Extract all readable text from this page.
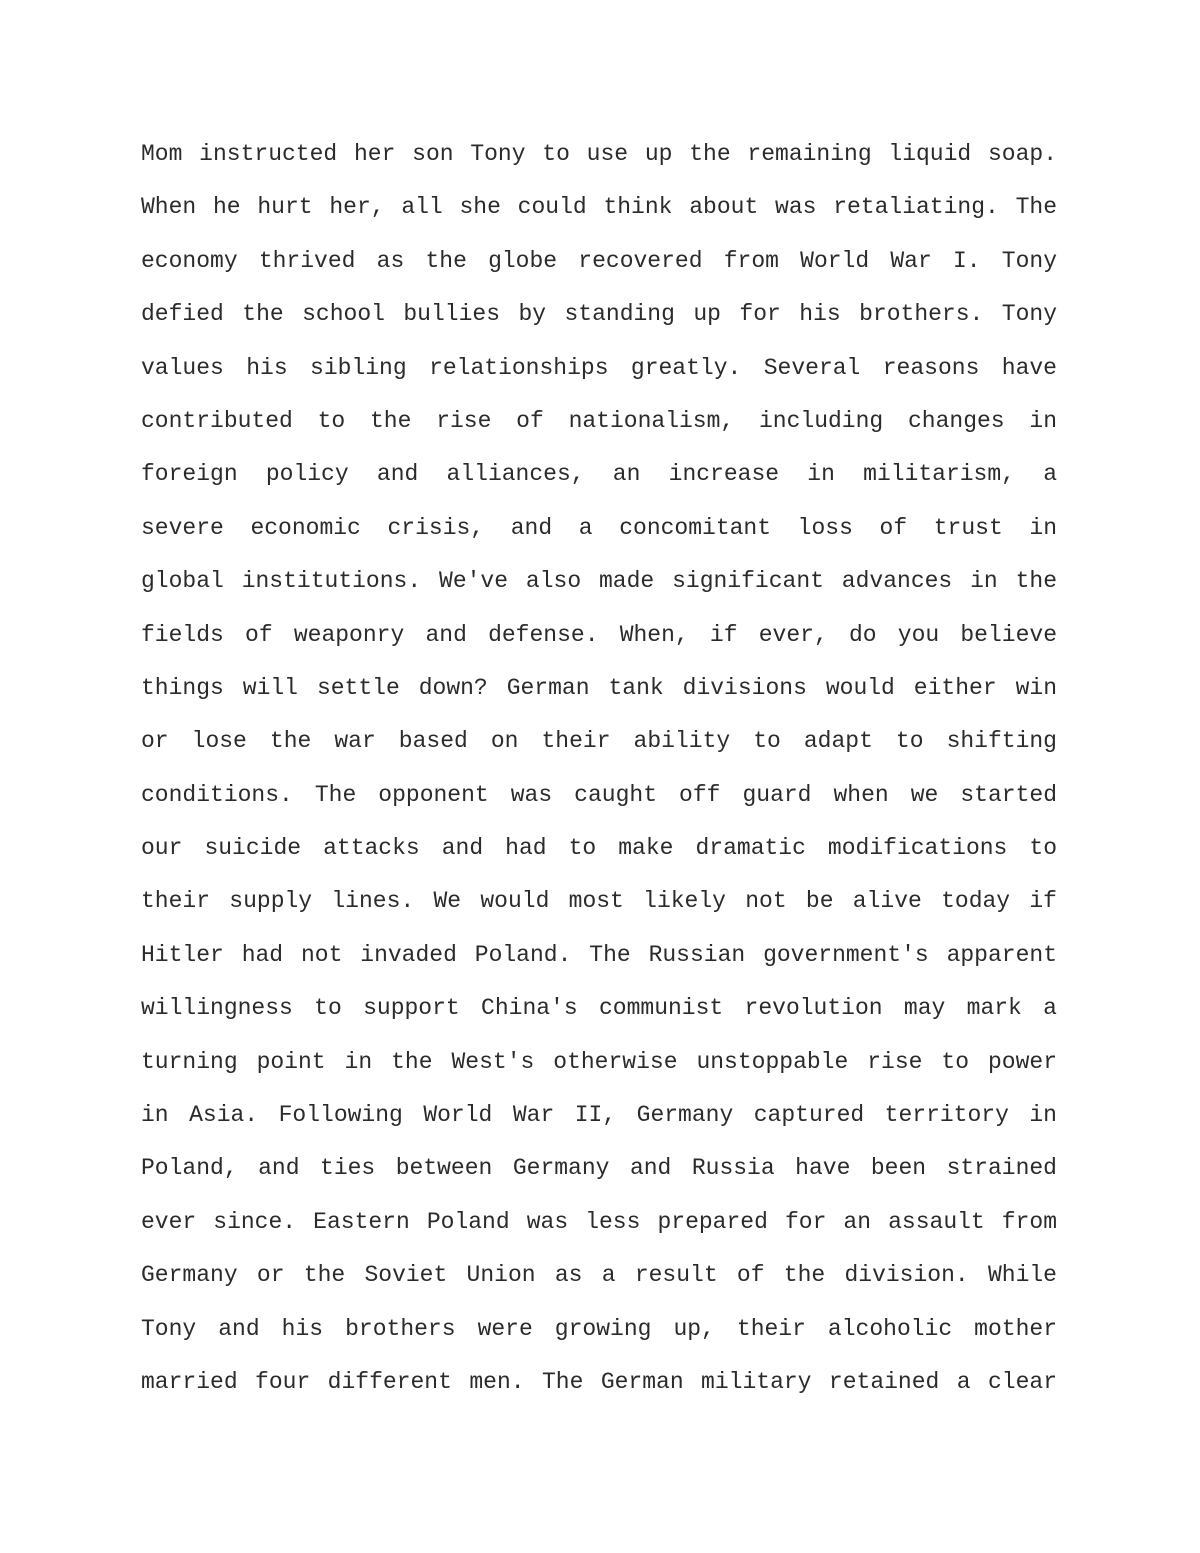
Mom instructed her son Tony to use up the remaining liquid soap.
When he hurt her, all she could think about was retaliating. The
economy thrived as the globe recovered from World War I. Tony
defied the school bullies by standing up for his brothers. Tony
values his sibling relationships greatly. Several reasons have
contributed to the rise of nationalism, including changes in
foreign policy and alliances, an increase in militarism, a
severe economic crisis, and a concomitant loss of trust in
global institutions. We've also made significant advances in the
fields of weaponry and defense. When, if ever, do you believe
things will settle down? German tank divisions would either win
or lose the war based on their ability to adapt to shifting
conditions. The opponent was caught off guard when we started
our suicide attacks and had to make dramatic modifications to
their supply lines. We would most likely not be alive today if
Hitler had not invaded Poland. The Russian government's apparent
willingness to support China's communist revolution may mark a
turning point in the West's otherwise unstoppable rise to power
in Asia. Following World War II, Germany captured territory in
Poland, and ties between Germany and Russia have been strained
ever since. Eastern Poland was less prepared for an assault from
Germany or the Soviet Union as a result of the division. While
Tony and his brothers were growing up, their alcoholic mother
married four different men. The German military retained a clear
